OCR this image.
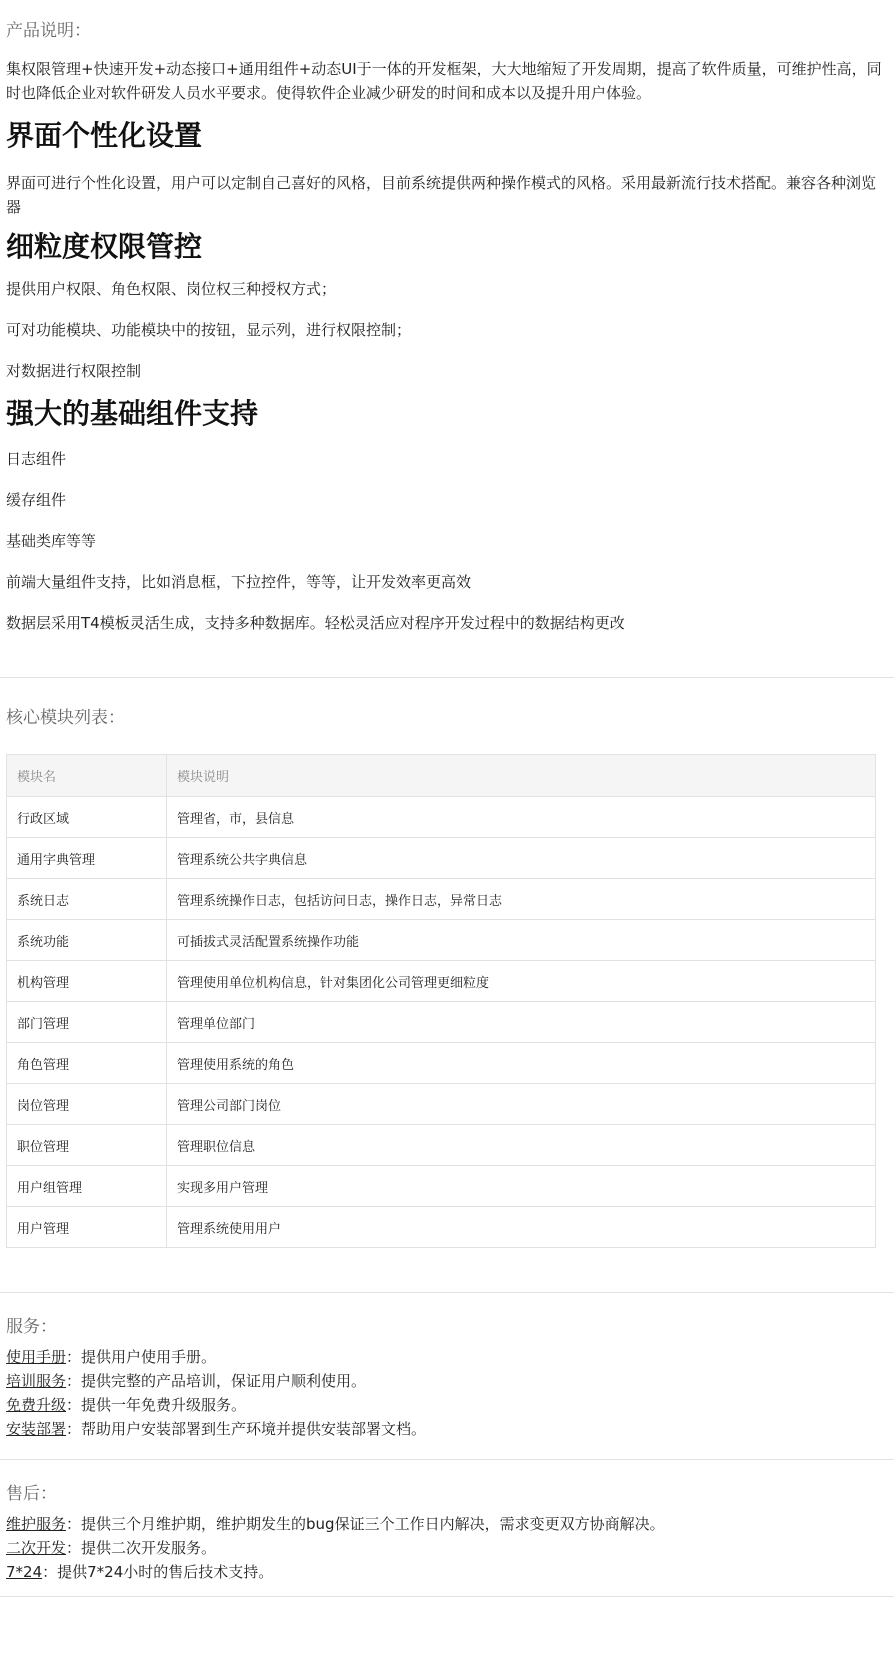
产品说明：

集权限管理+快速开发+动态接口+通用组件+动态UI于一体的开发框架，大大地缩短了开发周期，提高了软件质量，可维护性高，同时也降低企业对软件研发人员水平要求。使得软件企业减少研发的时间和成本以及提升用户体验。

界面个性化设置

界面可进行个性化设置，用户可以定制自己喜好的风格，目前系统提供两种操作模式的风格。采用最新流行技术搭配。兼容各种浏览器

细粒度权限管控

提供用户权限、角色权限、岗位权三种授权方式；

可对功能模块、功能模块中的按钮，显示列，进行权限控制；

对数据进行权限控制

强大的基础组件支持

日志组件

缓存组件

基础类库等等

前端大量组件支持，比如消息框，下拉控件，等等，让开发效率更高效

数据层采用T4模板灵活生成，支持多种数据库。轻松灵活应对程序开发过程中的数据结构更改

核心模块列表：

模块名	模块说明
行政区域	管理省，市，县信息
通用字典管理	管理系统公共字典信息
系统日志	管理系统操作日志，包括访问日志，操作日志，异常日志
系统功能	可插拔式灵活配置系统操作功能
机构管理	管理使用单位机构信息，针对集团化公司管理更细粒度
部门管理	管理单位部门
角色管理	管理使用系统的角色
岗位管理	管理公司部门岗位
职位管理	管理职位信息
用户组管理	实现多用户管理
用户管理	管理系统使用用户

服务：

使用手册：提供用户使用手册。

培训服务：提供完整的产品培训，保证用户顺利使用。

免费升级：提供一年免费升级服务。

安装部署：帮助用户安装部署到生产环境并提供安装部署文档。

售后：

维护服务：提供三个月维护期，维护期发生的bug保证三个工作日内解决，需求变更双方协商解决。

二次开发：提供二次开发服务。

7*24：提供7*24小时的售后技术支持。
